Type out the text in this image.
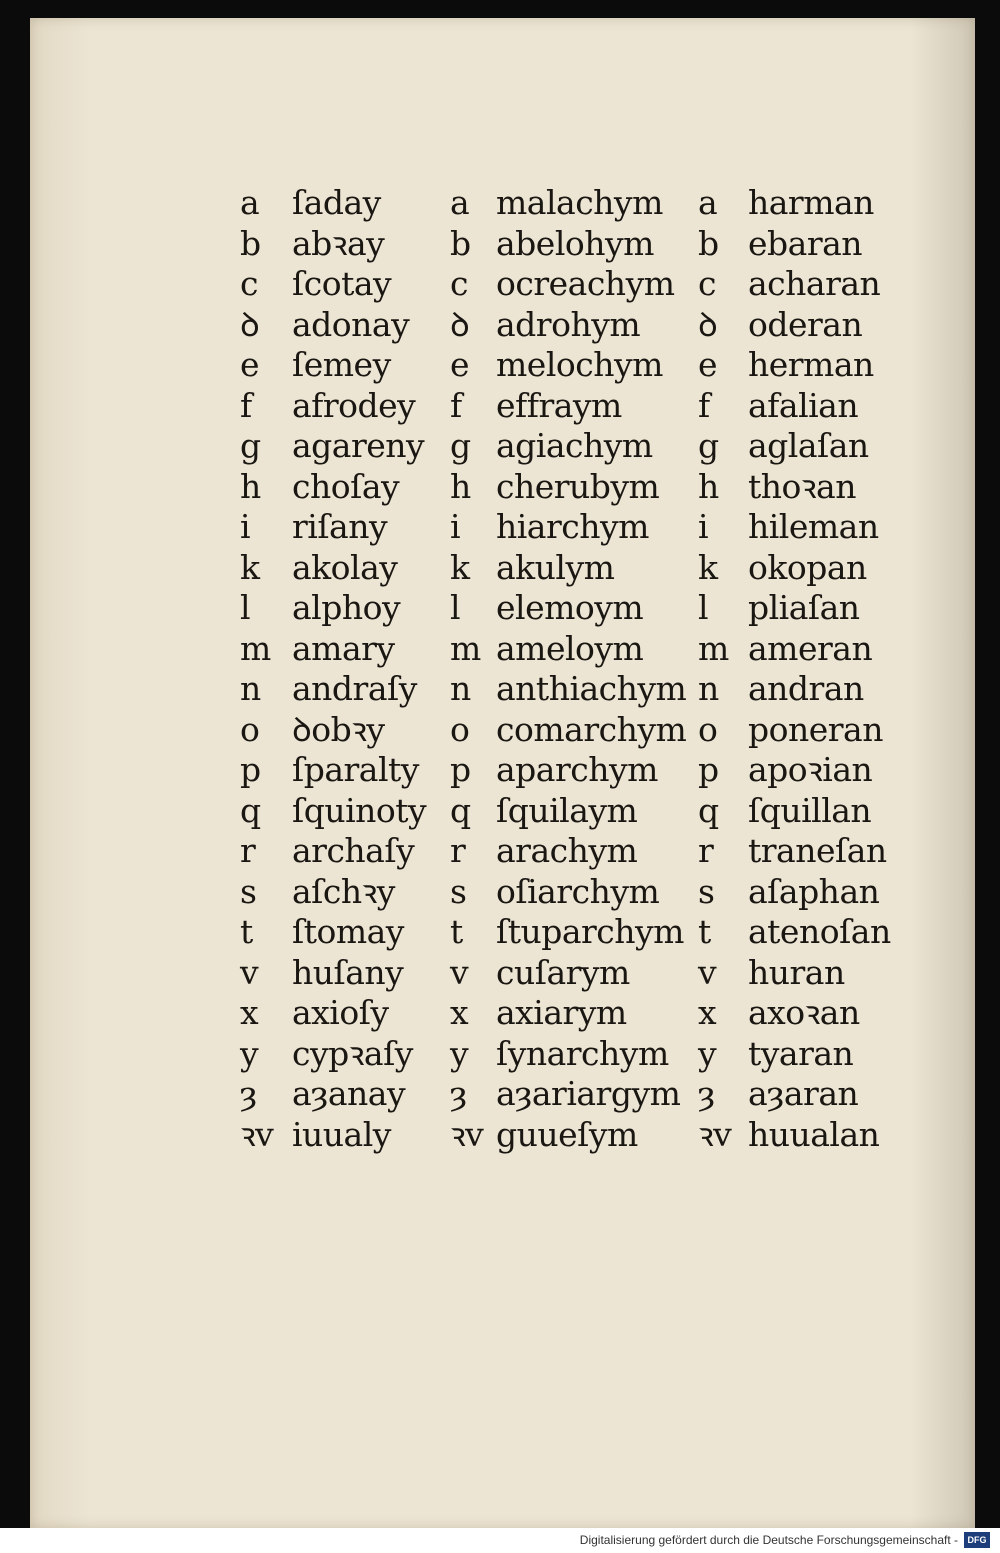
a ſaday a malachym a harman
b abꝛay b abelohym b ebaran
c	ſcotay c ocreachym c acharan
ꝺ adonay ꝺ adrohym ꝺ oderan
e ſemey e melochym e herman
f	afrodey f effraym f afalian
g agareny g agiachym g aglaſan
h choſay h cherubym h thoꝛan
i	riſany i hiarchym i hileman
k akolay k akulym	k okopan
l	alphoy l elemoym l pliaſan
m amary m ameloym m ameran
n andraſy n anthiachym n andran
o ꝺobꝛy o comarchym o poneran
p ſparalty p aparchym p apoꝛian
q ſquinoty q ſquilaym q ſquillan
r	archaſy r arachym r traneſan
s	aſchꝛy s oſiarchym s aſaphan
t	ſtomay t ſtuparchym t atenoſan
v	huſany v cuſarym v huran
x	axioſy x axiarym x axoꝛan
y	cypꝛaſy y ſynarchym y tyaran
ȝ	aȝanay ȝ aȝariargym ȝ aȝaran
ꝛv iuualy ꝛv guueſym ꝛv huualan
Digitalisierung gefördert durch die Deutsche Forschungsgemeinschaft -	DFG
